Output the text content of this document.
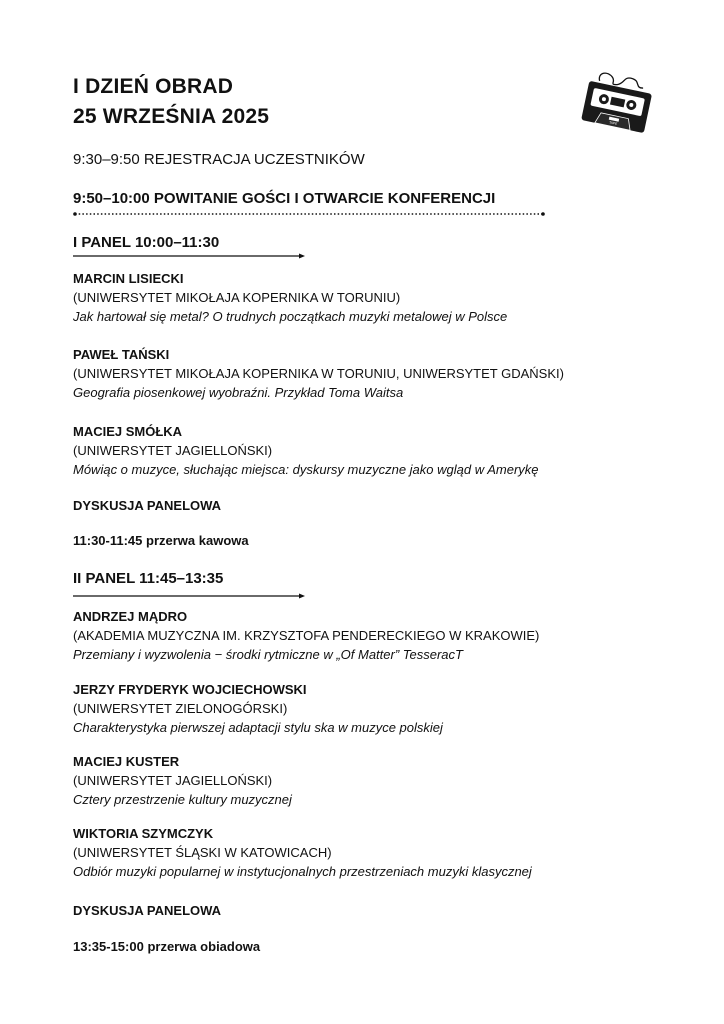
I DZIEŃ OBRAD
25 WRZEŚNIA 2025
9:30–9:50 REJESTRACJA UCZESTNIKÓW
9:50–10:00 POWITANIE GOŚCI I OTWARCIE KONFERENCJI
I PANEL 10:00–11:30
MARCIN LISIECKI
(UNIWERSYTET MIKOŁAJA KOPERNIKA W TORUNIU)
Jak hartował się metal? O trudnych początkach muzyki metalowej w Polsce
PAWEŁ TAŃSKI
(UNIWERSYTET MIKOŁAJA KOPERNIKA W TORUNIU, UNIWERSYTET GDAŃSKI)
Geografia piosenkowej wyobraźni. Przykład Toma Waitsa
MACIEJ SMÓŁKA
(UNIWERSYTET JAGIELLOŃSKI)
Mówiąc o muzyce, słuchając miejsca: dyskursy muzyczne jako wgląd w Amerykę
DYSKUSJA PANELOWA
11:30-11:45 przerwa kawowa
II PANEL 11:45–13:35
ANDRZEJ MĄDRO
(AKADEMIA MUZYCZNA IM. KRZYSZTOFA PENDERECKIEGO W KRAKOWIE)
Przemiany i wyzwolenia − środki rytmiczne w „Of Matter” TesseracT
JERZY FRYDERYK WOJCIECHOWSKI
(UNIWERSYTET ZIELONOGÓRSKI)
Charakterystyka pierwszej adaptacji stylu ska w muzyce polskiej
MACIEJ KUSTER
(UNIWERSYTET JAGIELLOŃSKI)
Cztery przestrzenie kultury muzycznej
WIKTORIA SZYMCZYK
(UNIWERSYTET ŚLĄSKI W KATOWICACH)
Odbiór muzyki popularnej w instytucjonalnych przestrzeniach muzyki klasycznej
DYSKUSJA PANELOWA
13:35-15:00 przerwa obiadowa
TAPE
